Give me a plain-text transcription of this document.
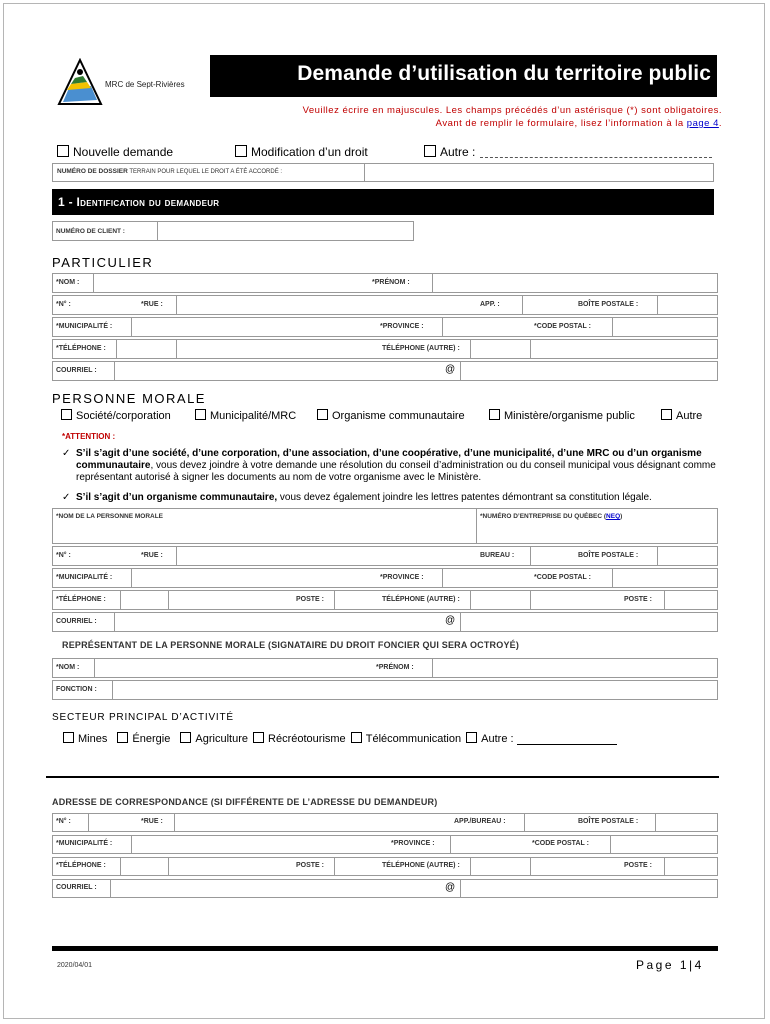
MRC de Sept-Rivières	Demande d’utilisation du territoire public
Veuillez écrire en majuscules. Les champs précédés d’un astérisque (*) sont obligatoires.
Avant de remplir le formulaire, lisez l’information à la page 4.
Nouvelle demande	Modification d’un droit	Autre :
NUMÉRO DE DOSSIER TERRAIN POUR LEQUEL LE DROIT A ÉTÉ ACCORDÉ :
1 - Identification du demandeur
NUMÉRO DE CLIENT :
PARTICULIER
*NOM :	*PRÉNOM :
*N° :	*RUE :	APP. :	BOÎTE POSTALE :
*MUNICIPALITÉ :	*PROVINCE :	*CODE POSTAL :
*TÉLÉPHONE :	TÉLÉPHONE (AUTRE) :
COURRIEL :	@
PERSONNE MORALE
Société/corporation	Municipalité/MRC	Organisme communautaire	Ministère/organisme public	Autre
*ATTENTION :
✓ S’il s’agit d’une société, d’une corporation, d’une association, d’une coopérative, d’une municipalité, d’une MRC ou d’un organisme communautaire, vous devez joindre à votre demande une résolution du conseil d’administration ou du conseil municipal vous désignant comme représentant autorisé à signer les documents au nom de votre organisme avec le Ministère.
✓ S’il s’agit d’un organisme communautaire, vous devez également joindre les lettres patentes démontrant sa constitution légale.
*NOM DE LA PERSONNE MORALE	*NUMÉRO D’ENTREPRISE DU QUÉBEC (NEQ)
*N° :	*RUE :	BUREAU :	BOÎTE POSTALE :
*MUNICIPALITÉ :	*PROVINCE :	*CODE POSTAL :
*TÉLÉPHONE :	POSTE :	TÉLÉPHONE (AUTRE) :	POSTE :
COURRIEL :	@
REPRÉSENTANT DE LA PERSONNE MORALE (SIGNATAIRE DU DROIT FONCIER QUI SERA OCTROYÉ)
*NOM :	*PRÉNOM :
FONCTION :
SECTEUR PRINCIPAL D’ACTIVITÉ
Mines Énergie Agriculture Récréotourisme Télécommunication Autre :
ADRESSE DE CORRESPONDANCE (SI DIFFÉRENTE DE L’ADRESSE DU DEMANDEUR)
*N° :	*RUE :	APP./BUREAU :	BOÎTE POSTALE :
*MUNICIPALITÉ :	*PROVINCE :	*CODE POSTAL :
*TÉLÉPHONE :	POSTE :	TÉLÉPHONE (AUTRE) :	POSTE :
COURRIEL :	@
2020/04/01	Page 1|4
